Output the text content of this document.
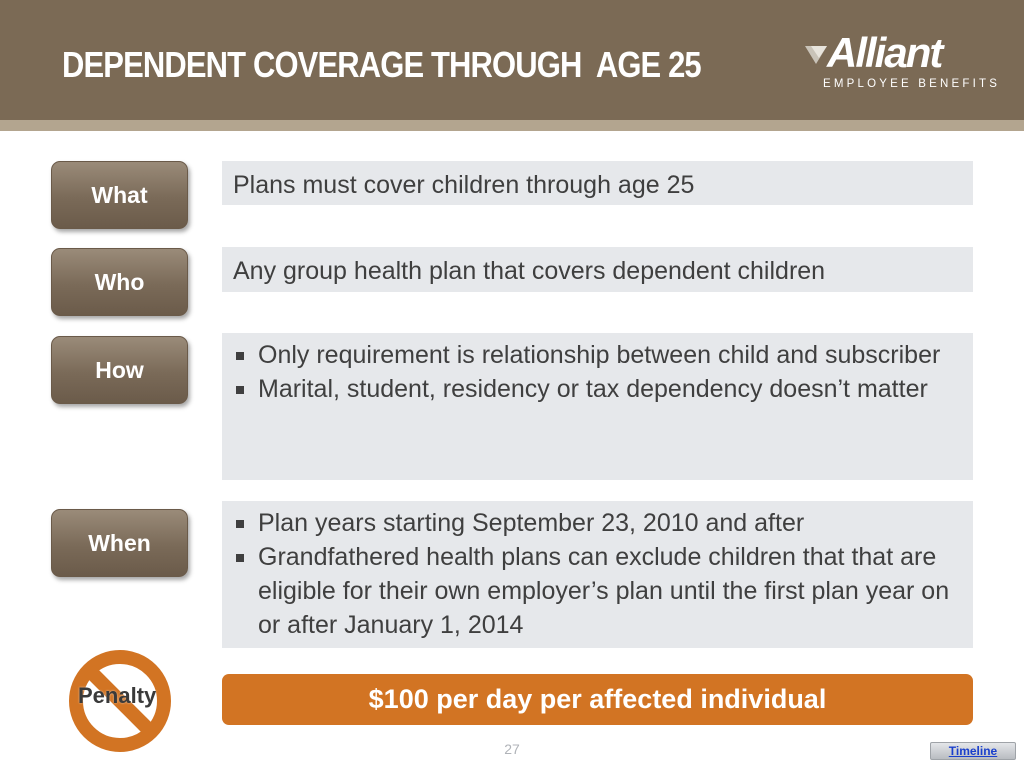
DEPENDENT COVERAGE THROUGH  AGE 25	Alliant
EMPLOYEE BENEFITS
What	Plans must cover children through age 25
Who	Any group health plan that covers dependent children
How
Only requirement is relationship between child and subscriber
Marital, student, residency or tax dependency doesn’t matter
When
Plan years starting September 23, 2010 and after
Grandfathered health plans can exclude children that that are eligible for their own employer’s plan until the first plan year on or after January 1, 2014
Penalty	$100 per day per affected individual
27	Timeline
